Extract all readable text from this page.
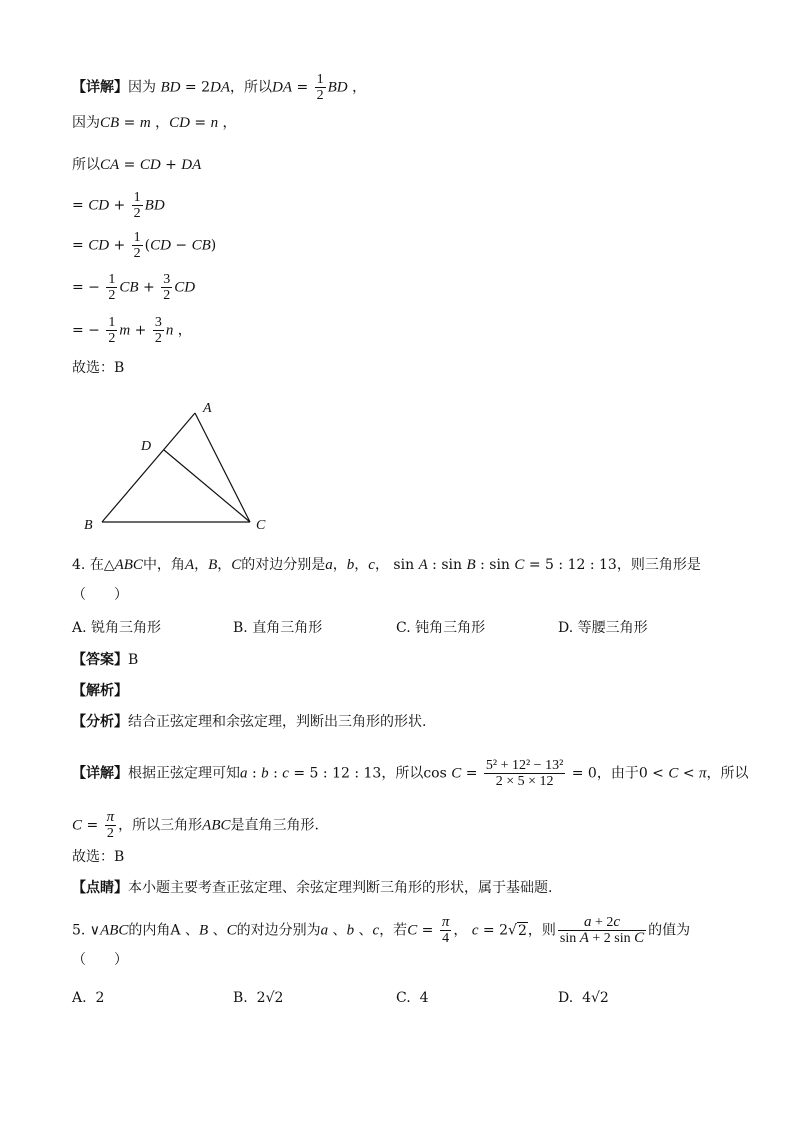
【详解】因为 BD = 2DA，所以DA = $\frac{1}{2}$ BD ，
因为CB = m ，CD = n ，
所以CA = CD + DA
= CD + $\frac{1}{2}$ BD
= CD + $\frac{1}{2} (CD - CB)$
= − $\frac{1}{2}$ CB + $\frac{3}{2}$ CD
= − $\frac{1}{2}$ $m + \frac{3}{2}$ n ，
故选：B
A
B	C
D
4. 在△ABC中，角A，B，C的对边分别是a，b，c， sin A : sin B : sin C = 5 : 12 : 13，则三角形是
（　　）
A. 锐角三角形	B. 直角三角形	C. 钝角三角形	D. 等腰三角形
【答案】B
【解析】
【分析】结合正弦定理和余弦定理，判断出三角形的形状.
【详解】根据正弦定理可知a : b : c = 5 : 12 : 13，所以$\cos C = \frac{\text{5² + 12² − 13²}}{2 \times 5 \times 12} = 0$，由于0 < C < π，所以
$C = \frac{\pi}{2}$ ，所以三角形ABC是直角三角形.
故选：B
【点睛】本小题主要考查正弦定理、余弦定理判断三角形的形状，属于基础题.
5. ∨ABC的内角A 、B 、C的对边分别为a 、b 、c，若$C = \frac{\pi}{4}$ ， c = 2√2，则 $\frac{a + 2c}{\text{sin A + 2 sin C}}$ 的值为
（　　）
A. 2	B. 2√2	C. 4	D. 4√2
